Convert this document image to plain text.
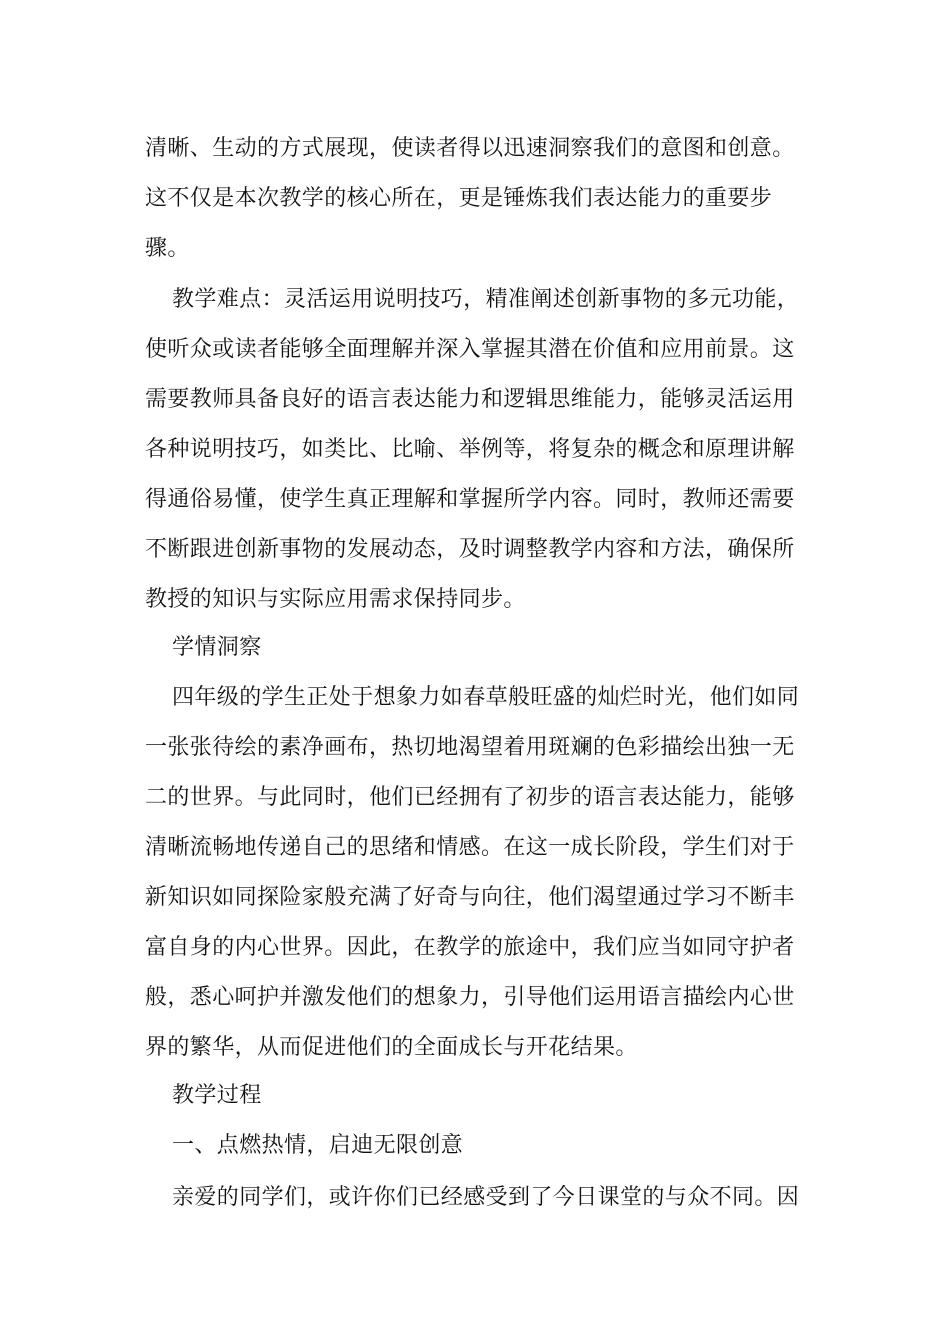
清晰、生动的方式展现，使读者得以迅速洞察我们的意图和创意。
这不仅是本次教学的核心所在，更是锤炼我们表达能力的重要步
骤。
教学难点：灵活运用说明技巧，精准阐述创新事物的多元功能，
使听众或读者能够全面理解并深入掌握其潜在价值和应用前景。这
需要教师具备良好的语言表达能力和逻辑思维能力，能够灵活运用
各种说明技巧，如类比、比喻、举例等，将复杂的概念和原理讲解
得通俗易懂，使学生真正理解和掌握所学内容。同时，教师还需要
不断跟进创新事物的发展动态，及时调整教学内容和方法，确保所
教授的知识与实际应用需求保持同步。
学情洞察
四年级的学生正处于想象力如春草般旺盛的灿烂时光，他们如同
一张张待绘的素净画布，热切地渴望着用斑斓的色彩描绘出独一无
二的世界。与此同时，他们已经拥有了初步的语言表达能力，能够
清晰流畅地传递自己的思绪和情感。在这一成长阶段，学生们对于
新知识如同探险家般充满了好奇与向往，他们渴望通过学习不断丰
富自身的内心世界。因此，在教学的旅途中，我们应当如同守护者
般，悉心呵护并激发他们的想象力，引导他们运用语言描绘内心世
界的繁华，从而促进他们的全面成长与开花结果。
教学过程
一、点燃热情，启迪无限创意
亲爱的同学们，或许你们已经感受到了今日课堂的与众不同。因
